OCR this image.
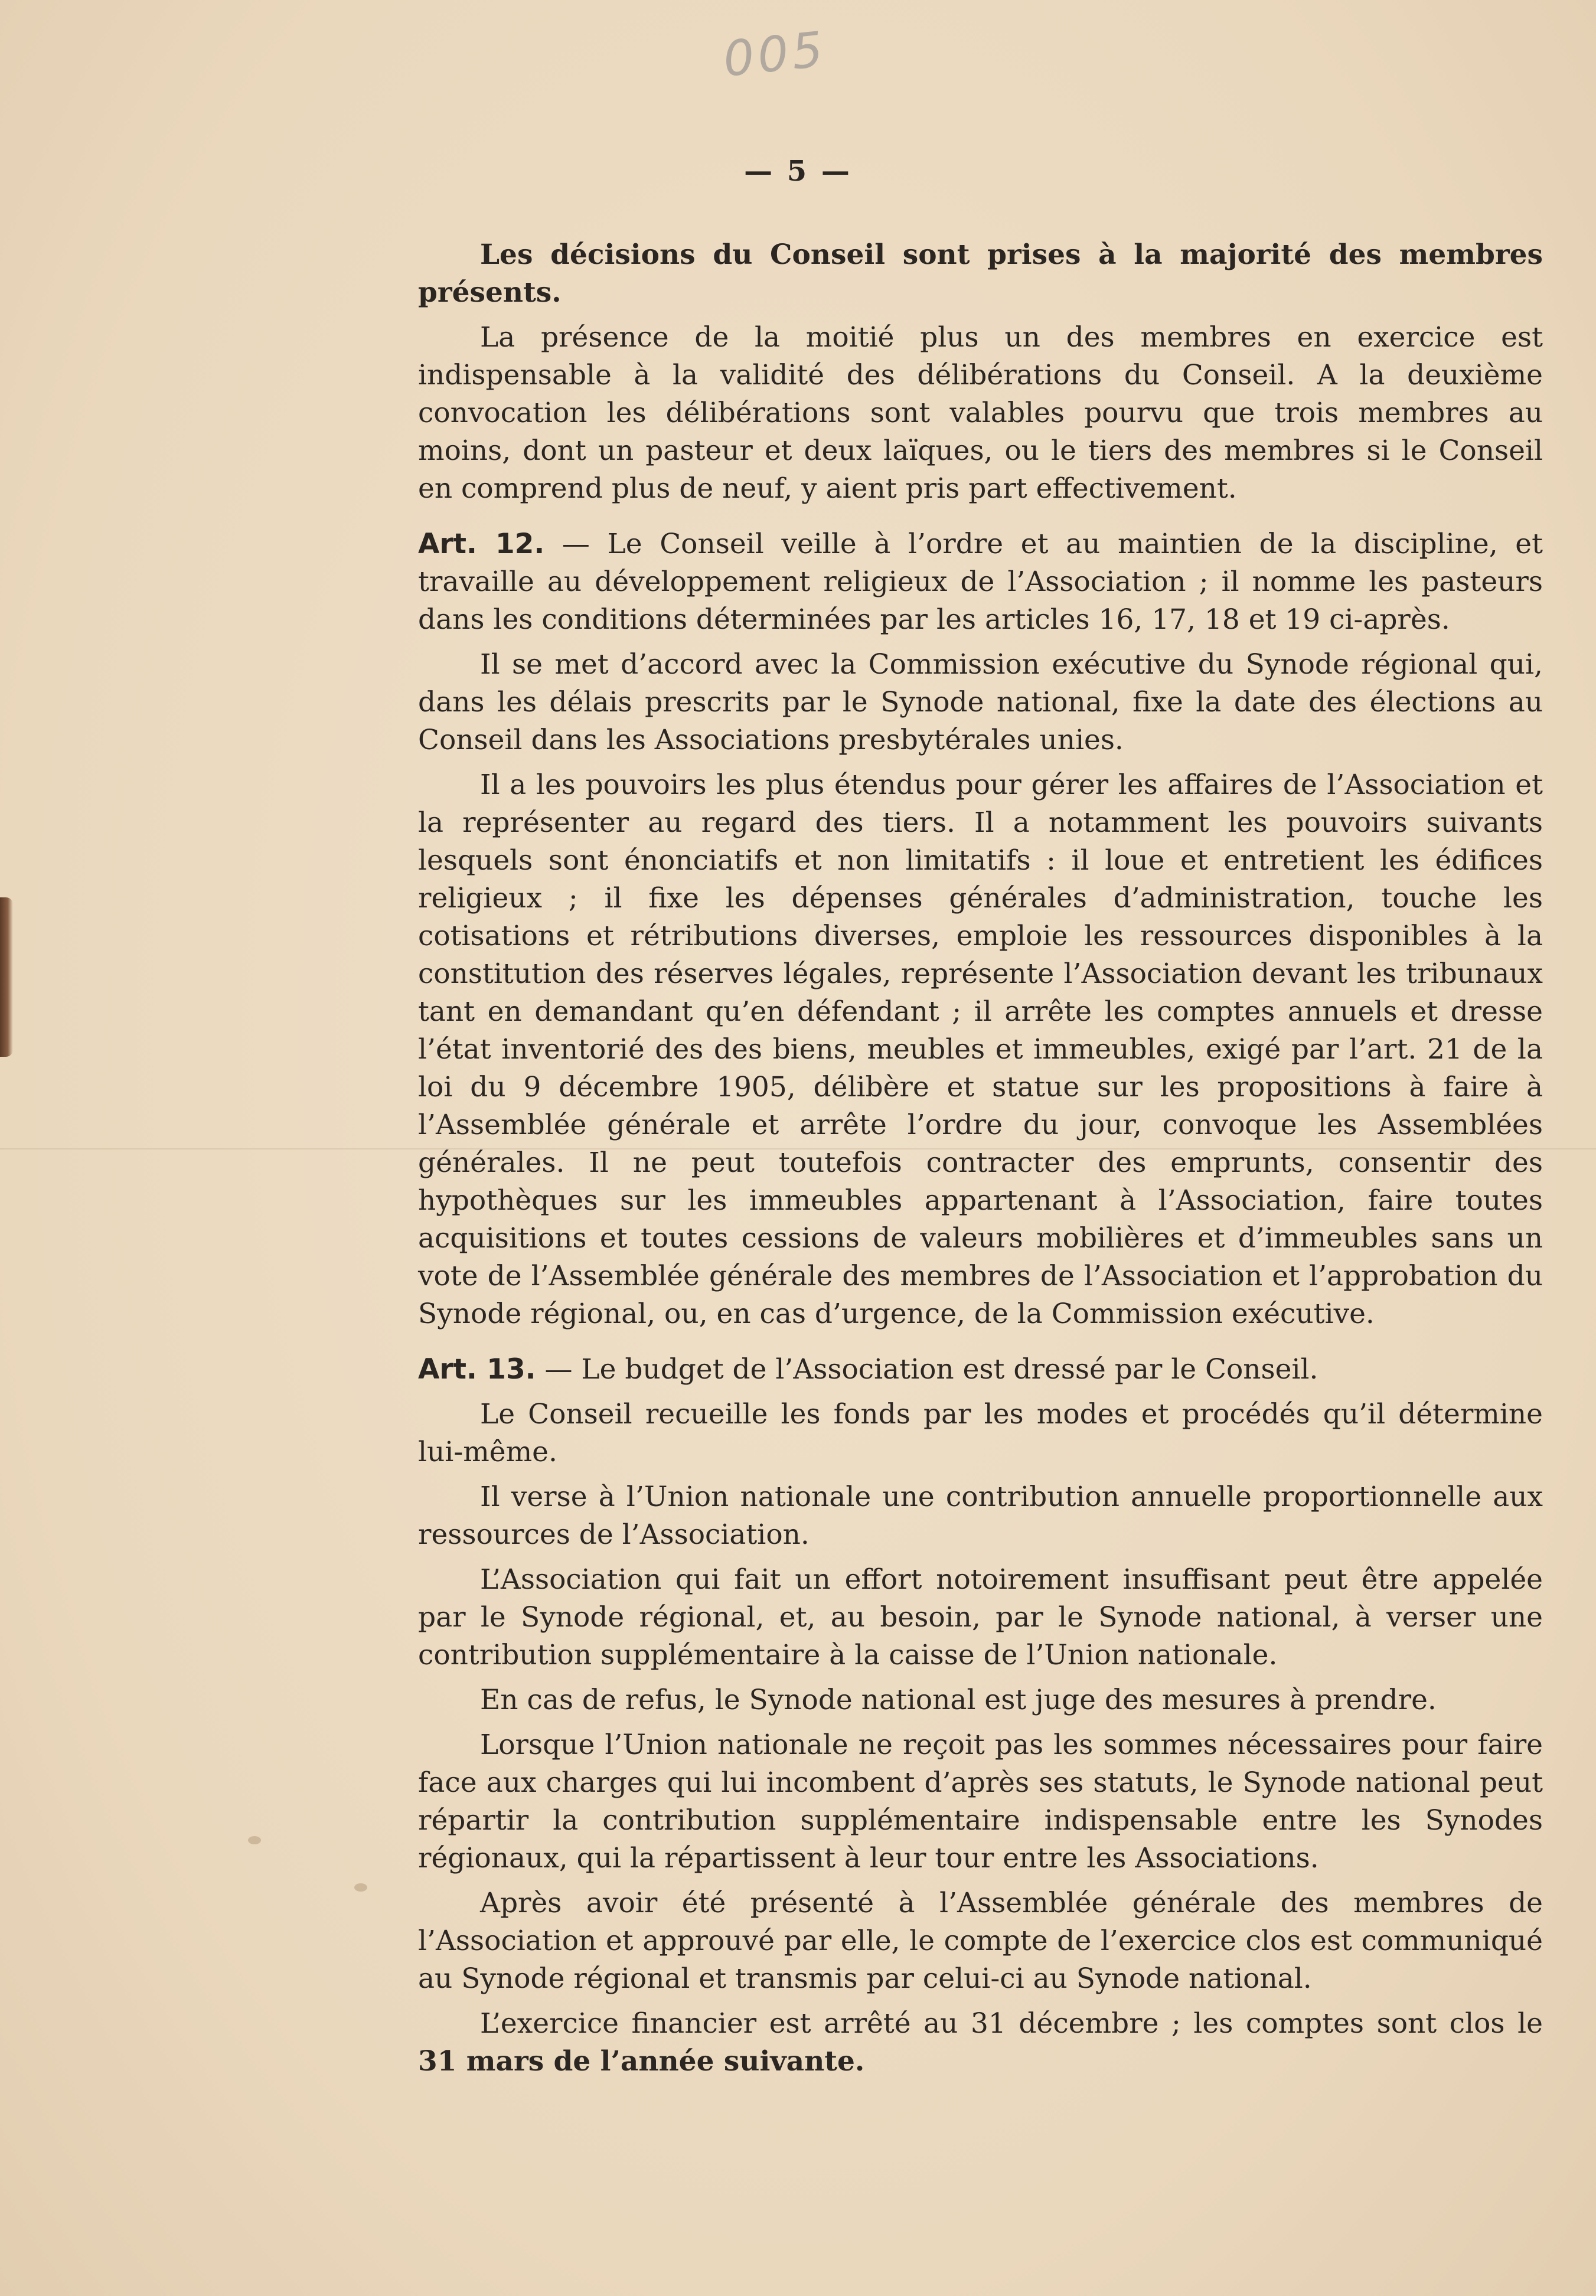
005
— 5 —

Les décisions du Conseil sont prises à la majorité des membres présents.

La présence de la moitié plus un des membres en exercice est indispensable à la validité des délibérations du Conseil. A la deuxième convocation les délibérations sont valables pourvu que trois membres au moins, dont un pasteur et deux laïques, ou le tiers des membres si le Conseil en comprend plus de neuf, y aient pris part effectivement.

Art. 12. — Le Conseil veille à l’ordre et au maintien de la discipline, et travaille au développement religieux de l’Association ; il nomme les pasteurs dans les conditions déterminées par les articles 16, 17, 18 et 19 ci-après.

Il se met d’accord avec la Commission exécutive du Synode régional qui, dans les délais prescrits par le Synode national, fixe la date des élections au Conseil dans les Associations presbytérales unies.

Il a les pouvoirs les plus étendus pour gérer les affaires de l’Association et la représenter au regard des tiers. Il a notamment les pouvoirs suivants lesquels sont énonciatifs et non limitatifs : il loue et entretient les édifices religieux ; il fixe les dépenses générales d’administration, touche les cotisations et rétributions diverses, emploie les ressources disponibles à la constitution des réserves légales, représente l’Association devant les tribunaux tant en demandant qu’en défendant ; il arrête les comptes annuels et dresse l’état inventorié des des biens, meubles et immeubles, exigé par l’art. 21 de la loi du 9 décembre 1905, délibère et statue sur les propositions à faire à l’Assemblée générale et arrête l’ordre du jour, convoque les Assemblées générales. Il ne peut toutefois contracter des emprunts, consentir des hypothèques sur les immeubles appartenant à l’Association, faire toutes acquisitions et toutes cessions de valeurs mobilières et d’immeubles sans un vote de l’Assemblée générale des membres de l’Association et l’approbation du Synode régional, ou, en cas d’urgence, de la Commission exécutive.

Art. 13. — Le budget de l’Association est dressé par le Conseil.

Le Conseil recueille les fonds par les modes et procédés qu’il détermine lui-même.

Il verse à l’Union nationale une contribution annuelle proportionnelle aux ressources de l’Association.

L’Association qui fait un effort notoirement insuffisant peut être appelée par le Synode régional, et, au besoin, par le Synode national, à verser une contribution supplémentaire à la caisse de l’Union nationale.

En cas de refus, le Synode national est juge des mesures à prendre.

Lorsque l’Union nationale ne reçoit pas les sommes nécessaires pour faire face aux charges qui lui incombent d’après ses statuts, le Synode national peut répartir la contribution supplémentaire indispensable entre les Synodes régionaux, qui la répartissent à leur tour entre les Associations.

Après avoir été présenté à l’Assemblée générale des membres de l’Association et approuvé par elle, le compte de l’exercice clos est communiqué au Synode régional et transmis par celui-ci au Synode national.

L’exercice financier est arrêté au 31 décembre ; les comptes sont clos le 31 mars de l’année suivante.
